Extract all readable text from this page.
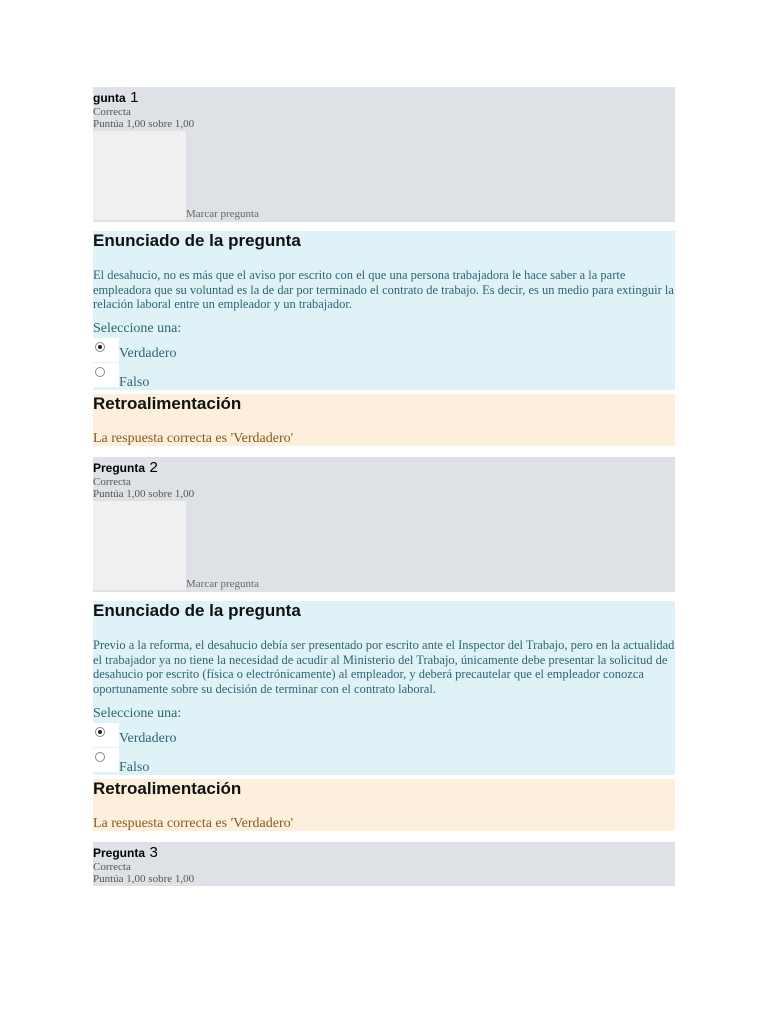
gunta 1
Correcta
Puntúa 1,00 sobre 1,00
Marcar pregunta
Enunciado de la pregunta
El desahucio, no es más que el aviso por escrito con el que una persona trabajadora le hace saber a la parte empleadora que su voluntad es la de dar por terminado el contrato de trabajo. Es decir, es un medio para extinguir la relación laboral entre un empleador y un trabajador.
Seleccione una:
Verdadero
Falso
Retroalimentación
La respuesta correcta es 'Verdadero'
Pregunta 2
Correcta
Puntúa 1,00 sobre 1,00
Marcar pregunta
Enunciado de la pregunta
Previo a la reforma, el desahucio debía ser presentado por escrito ante el Inspector del Trabajo, pero en la actualidad el trabajador ya no tiene la necesidad de acudir al Ministerio del Trabajo, únicamente debe presentar la solicitud de desahucio por escrito (física o electrónicamente) al empleador, y deberá precautelar que el empleador conozca oportunamente sobre su decisión de terminar con el contrato laboral.
Seleccione una:
Verdadero
Falso
Retroalimentación
La respuesta correcta es 'Verdadero'
Pregunta 3
Correcta
Puntúa 1,00 sobre 1,00
